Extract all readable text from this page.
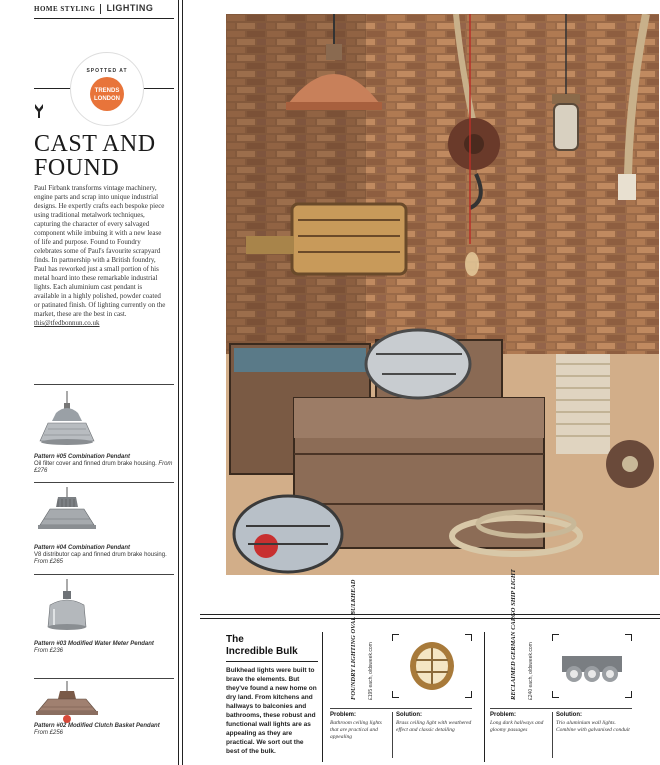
HOME STYLING LIGHTING
SPOTTED AT
TRENDS
LONDON
CAST AND
FOUND
Paul Firbank transforms vintage machinery, engine parts and scrap into unique industrial designs. He expertly crafts each bespoke piece using traditional metalwork techniques, capturing the character of every salvaged component while imbuing it with a new lease of life and purpose. Found to Foundry celebrates some of Paul's favourite scrapyard finds. In partnership with a British foundry, Paul has reworked just a small portion of his metal hoard into these remarkable industrial lights. Each aluminium cast pendant is available in a highly polished, powder coated or patinated finish. Of lighting currently on the market, these are the best in cast. this@tfedbonnun.co.uk
Pattern #05 Combination Pendant
Oil filter cover and finned drum brake housing. From £276
Pattern #04 Combination Pendant
V8 distributor cap and finned drum brake housing. From £265
Pattern #03 Modified Water Meter Pendant
From £236
Pattern #02 Modified Clutch Basket Pendant
From £256
The
Incredible Bulk
Bulkhead lights were built to brave the elements. But they've found a new home on dry land. From kitchens and hallways to balconies and bathrooms, these robust and functional wall lights are as appealing as they are practical. We sort out the best of the bulk.
FOUNDRY LIGHTING OVAL BULKHEAD £195 each, oldsweek.com
Problem:
Bathroom ceiling lights that are practical and appealing
Solution:
Brass ceiling light with weathered effect and classic detailing
RECLAIMED GERMAN CARGO SHIP LIGHT £240 each, oldsweek.com
Problem:
Long dark hallways and gloomy passages
Solution:
Trio aluminium wall lights. Combine with galvanised conduit
